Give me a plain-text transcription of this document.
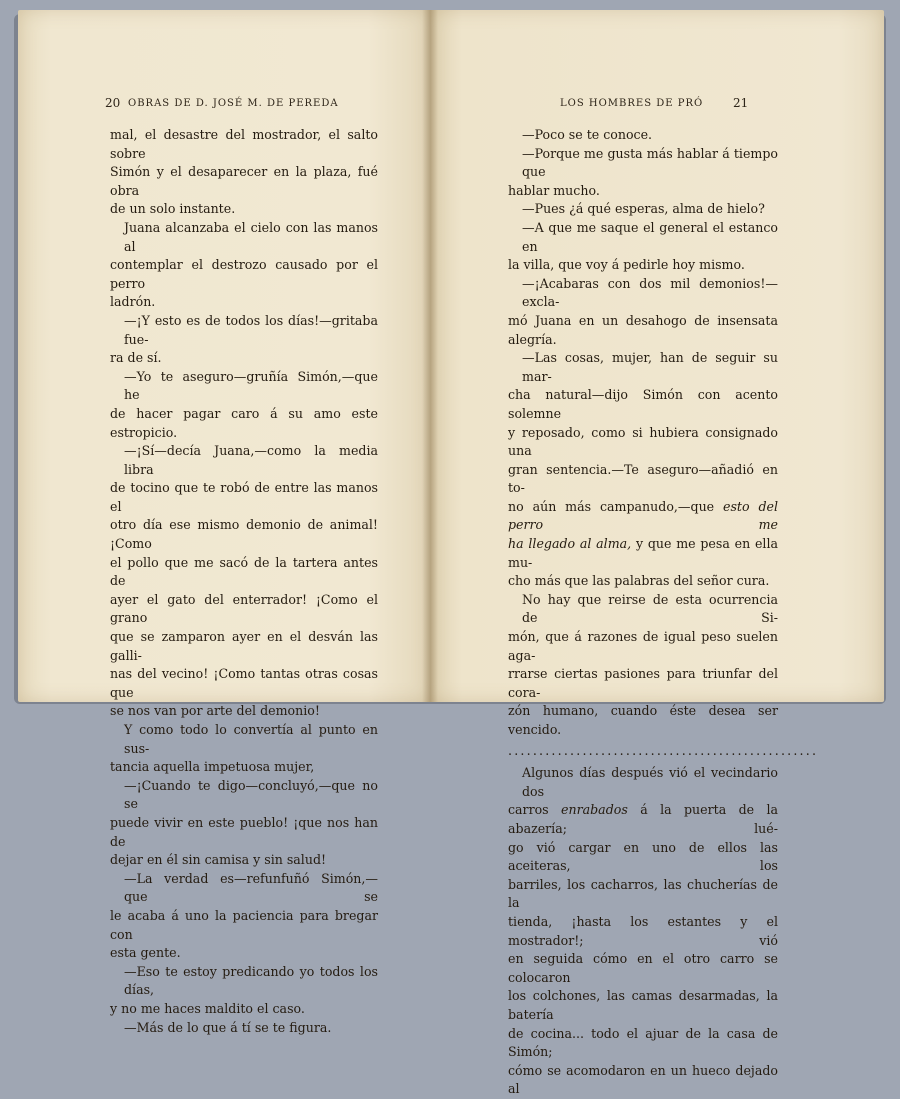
20 OBRAS DE D. JOSÉ M. DE PEREDA	LOS HOMBRES DE PRÓ 21
mal, el desastre del mostrador, el salto sobre
Simón y el desaparecer en la plaza, fué obra
de un solo instante.
Juana alcanzaba el cielo con las manos al
contemplar el destrozo causado por el perro
ladrón.
—¡Y esto es de todos los días!—gritaba fue-
ra de sí.
—Yo te aseguro—gruñía Simón,—que he
de hacer pagar caro á su amo este estropicio.
—¡Sí—decía Juana,—como la media libra
de tocino que te robó de entre las manos el
otro día ese mismo demonio de animal! ¡Como
el pollo que me sacó de la tartera antes de
ayer el gato del enterrador! ¡Como el grano
que se zamparon ayer en el desván las galli-
nas del vecino! ¡Como tantas otras cosas que
se nos van por arte del demonio!
Y como todo lo convertía al punto en sus-
tancia aquella impetuosa mujer,
—¡Cuando te digo—concluyó,—que no se
puede vivir en este pueblo! ¡que nos han de
dejar en él sin camisa y sin salud!
—La verdad es—refunfuñó Simón,—que se
le acaba á uno la paciencia para bregar con
esta gente.
—Eso te estoy predicando yo todos los días,
y no me haces maldito el caso.
—Más de lo que á tí se te figura.
—Poco se te conoce.
—Porque me gusta más hablar á tiempo que
hablar mucho.
—Pues ¿á qué esperas, alma de hielo?
—A que me saque el general el estanco en
la villa, que voy á pedirle hoy mismo.
—¡Acabaras con dos mil demonios!—excla-
mó Juana en un desahogo de insensata alegría.
—Las cosas, mujer, han de seguir su mar-
cha natural—dijo Simón con acento solemne
y reposado, como si hubiera consignado una
gran sentencia.—Te aseguro—añadió en to-
no aún más campanudo,—que esto del perro me
ha llegado al alma, y que me pesa en ella mu-
cho más que las palabras del señor cura.
No hay que reirse de esta ocurrencia de Si-
món, que á razones de igual peso suelen aga-
rrarse ciertas pasiones para triunfar del cora-
zón humano, cuando éste desea ser vencido.
..................................................
Algunos días después vió el vecindario dos
carros enrabados á la puerta de la abazería; lué-
go vió cargar en uno de ellos las aceiteras, los
barriles, los cacharros, las chucherías de la
tienda, ¡hasta los estantes y el mostrador!; vió
en seguida cómo en el otro carro se colocaron
los colchones, las camas desarmadas, la batería
de cocina... todo el ajuar de la casa de Simón;
cómo se acomodaron en un hueco dejado al
